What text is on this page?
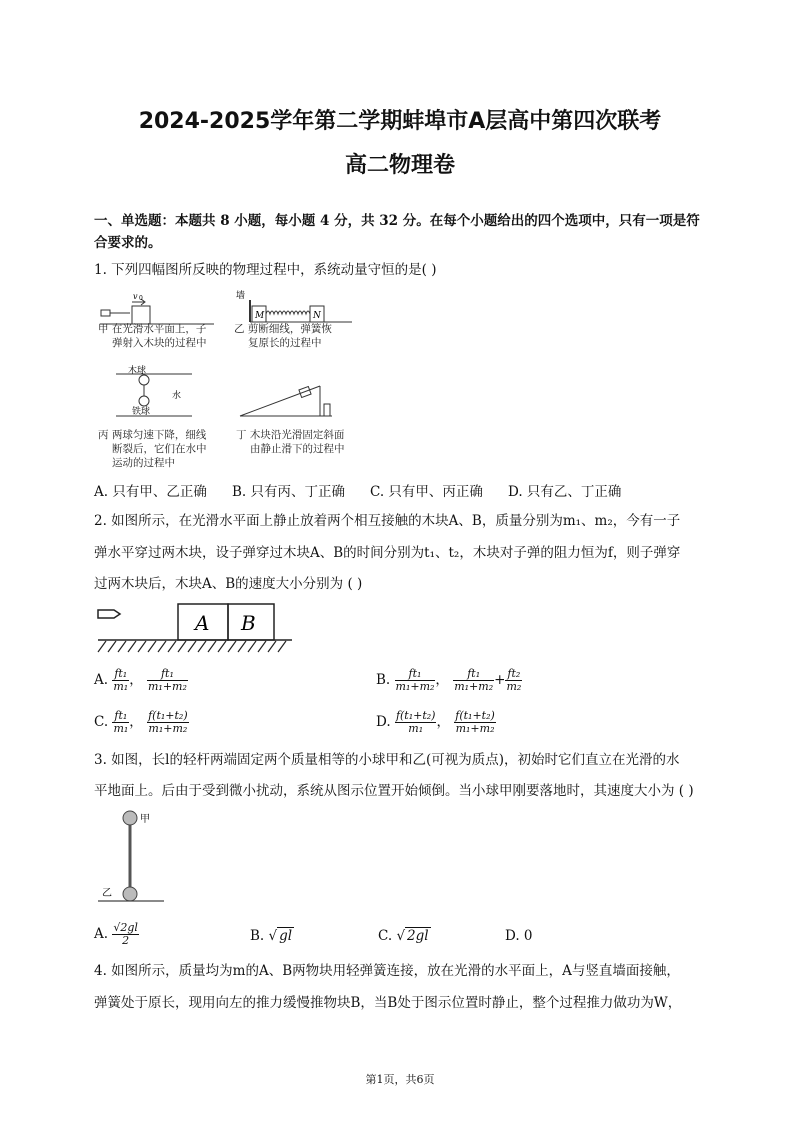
2024-2025学年第二学期蚌埠市A层高中第四次联考
高二物理卷
一、单选题：本题共 8 小题，每小题 4 分，共 32 分。在每个小题给出的四个选项中，只有一项是符
合要求的。
1. 下列四幅图所反映的物理过程中，系统动量守恒的是( )
v 0
甲 在光滑水平面上，子
弹射入木块的过程中
墙
M	N
乙 剪断细线，弹簧恢
复原长的过程中
木球
水
铁球
丙 两球匀速下降，细线
断裂后，它们在水中
运动的过程中
丁 木块沿光滑固定斜面
由静止滑下的过程中
A. 只有甲、乙正确 B. 只有丙、丁正确 C. 只有甲、丙正确 D. 只有乙、丁正确
2. 如图所示，在光滑水平面上静止放着两个相互接触的木块A、B，质量分别为m₁、m₂，今有一子
弹水平穿过两木块，设子弹穿过木块A、B的时间分别为t₁、t₂，木块对子弹的阻力恒为f，则子弹穿
过两木块后，木块A、B的速度大小分别为 ( )
A B
A. $\frac{\text{ft₁}}{\text{m₁}}$ ， $\frac{\text{ft₁}}{\text{m₁+m₂}}$	B. $\frac{\text{ft₁}}{\text{m₁+m₂}}$ ， $\frac{\text{ft₁}}{\text{m₁+m₂}} + \frac{\text{ft₂}}{\text{m₂}}$
C. $\frac{\text{ft₁}}{\text{m₁}}$ ， $\frac{\text{f(t₁+t₂)}}{\text{m₁+m₂}}$	D. $\frac{\text{f(t₁+t₂)}}{\text{m₁}}$ ， $\frac{\text{f(t₁+t₂)}}{\text{m₁+m₂}}$
3. 如图，长l的轻杆两端固定两个质量相等的小球甲和乙(可视为质点)，初始时它们直立在光滑的水
平地面上。后由于受到微小扰动，系统从图示位置开始倾倒。当小球甲刚要落地时，其速度大小为 ( )
甲
乙
A. $\frac{√2gl}{2}$	B. √ gl	C. √ 2gl	D. 0
4. 如图所示，质量均为m的A、B两物块用轻弹簧连接，放在光滑的水平面上，A与竖直墙面接触，
弹簧处于原长，现用向左的推力缓慢推物块B，当B处于图示位置时静止，整个过程推力做功为W，
第1页，共6页
